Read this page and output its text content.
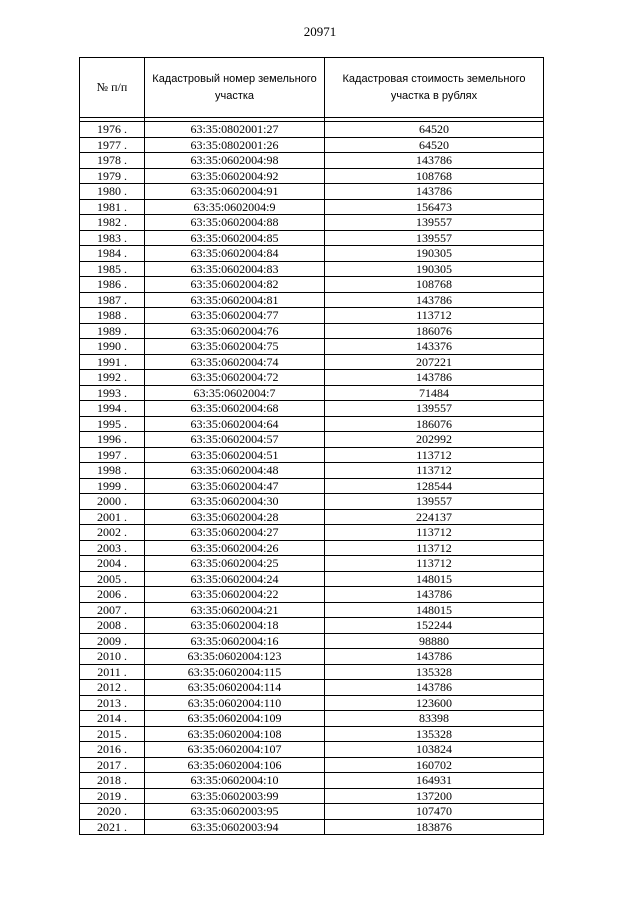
20971
№ п/п	Кадастровый номер земельного участка	Кадастровая стоимость земельного участка в рублях

1976 .	63:35:0802001:27	64520
1977 .	63:35:0802001:26	64520
1978 .	63:35:0602004:98	143786
1979 .	63:35:0602004:92	108768
1980 .	63:35:0602004:91	143786
1981 .	63:35:0602004:9	156473
1982 .	63:35:0602004:88	139557
1983 .	63:35:0602004:85	139557
1984 .	63:35:0602004:84	190305
1985 .	63:35:0602004:83	190305
1986 .	63:35:0602004:82	108768
1987 .	63:35:0602004:81	143786
1988 .	63:35:0602004:77	113712
1989 .	63:35:0602004:76	186076
1990 .	63:35:0602004:75	143376
1991 .	63:35:0602004:74	207221
1992 .	63:35:0602004:72	143786
1993 .	63:35:0602004:7	71484
1994 .	63:35:0602004:68	139557
1995 .	63:35:0602004:64	186076
1996 .	63:35:0602004:57	202992
1997 .	63:35:0602004:51	113712
1998 .	63:35:0602004:48	113712
1999 .	63:35:0602004:47	128544
2000 .	63:35:0602004:30	139557
2001 .	63:35:0602004:28	224137
2002 .	63:35:0602004:27	113712
2003 .	63:35:0602004:26	113712
2004 .	63:35:0602004:25	113712
2005 .	63:35:0602004:24	148015
2006 .	63:35:0602004:22	143786
2007 .	63:35:0602004:21	148015
2008 .	63:35:0602004:18	152244
2009 .	63:35:0602004:16	98880
2010 .	63:35:0602004:123	143786
2011 .	63:35:0602004:115	135328
2012 .	63:35:0602004:114	143786
2013 .	63:35:0602004:110	123600
2014 .	63:35:0602004:109	83398
2015 .	63:35:0602004:108	135328
2016 .	63:35:0602004:107	103824
2017 .	63:35:0602004:106	160702
2018 .	63:35:0602004:10	164931
2019 .	63:35:0602003:99	137200
2020 .	63:35:0602003:95	107470
2021 .	63:35:0602003:94	183876
